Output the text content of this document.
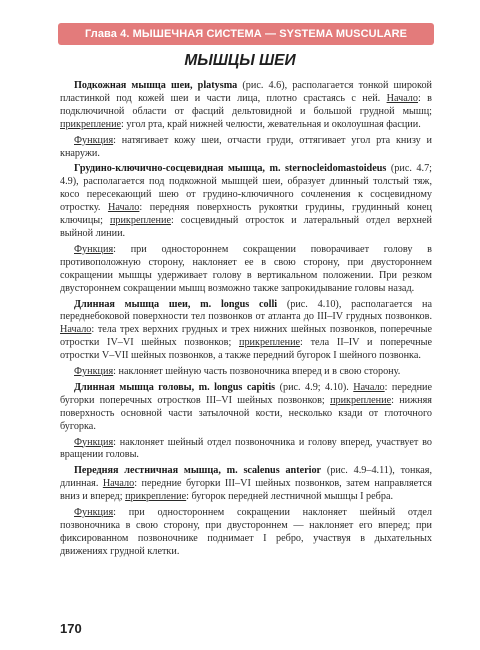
Глава 4. МЫШЕЧНАЯ СИСТЕМА — SYSTEMA MUSCULARE
МЫШЦЫ ШЕИ

Подкожная мышца шеи, platysma (рис. 4.6), располагается тонкой широкой пластинкой под кожей шеи и части лица, плотно срастаясь с ней. Начало: в подключичной области от фасций дельтовидной и большой грудной мышц; прикрепление: угол рта, край нижней челюсти, жевательная и околоушная фасции.

Функция: натягивает кожу шеи, отчасти груди, оттягивает угол рта книзу и кнаружи.

Грудино-ключично-сосцевидная мышца, m. sternocleidomastoideus (рис. 4.7; 4.9), располагается под подкожной мышцей шеи, образует длинный толстый тяж, косо пересекающий шею от грудино-ключичного сочленения к сосцевидному отростку. Начало: передняя поверхность рукоятки грудины, грудинный конец ключицы; прикрепление: сосцевидный отросток и латеральный отдел верхней выйной линии.

Функция: при одностороннем сокращении поворачивает голову в противоположную сторону, наклоняет ее в свою сторону, при двустороннем сокращении мышцы удерживает голову в вертикальном положении. При резком двустороннем сокращении мышц возможно также запрокидывание головы назад.

Длинная мышца шеи, m. longus colli (рис. 4.10), располагается на переднебоковой поверхности тел позвонков от атланта до III–IV грудных позвонков. Начало: тела трех верхних грудных и трех нижних шейных позвонков, поперечные отростки IV–VI шейных позвонков; прикрепление: тела II–IV и поперечные отростки V–VII шейных позвонков, а также передний бугорок I шейного позвонка.

Функция: наклоняет шейную часть позвоночника вперед и в свою сторону.

Длинная мышца головы, m. longus capitis (рис. 4.9; 4.10). Начало: передние бугорки поперечных отростков III–VI шейных позвонков; прикрепление: нижняя поверхность основной части затылочной кости, несколько кзади от глоточного бугорка.

Функция: наклоняет шейный отдел позвоночника и голову вперед, участвует во вращении головы.

Передняя лестничная мышца, m. scalenus anterior (рис. 4.9–4.11), тонкая, длинная. Начало: передние бугорки III–VI шейных позвонков, затем направляется вниз и вперед; прикрепление: бугорок передней лестничной мышцы I ребра.

Функция: при одностороннем сокращении наклоняет шейный отдел позвоночника в свою сторону, при двустороннем — наклоняет его вперед; при фиксированном позвоночнике поднимает I ребро, участвуя в дыхательных движениях грудной клетки.

170
